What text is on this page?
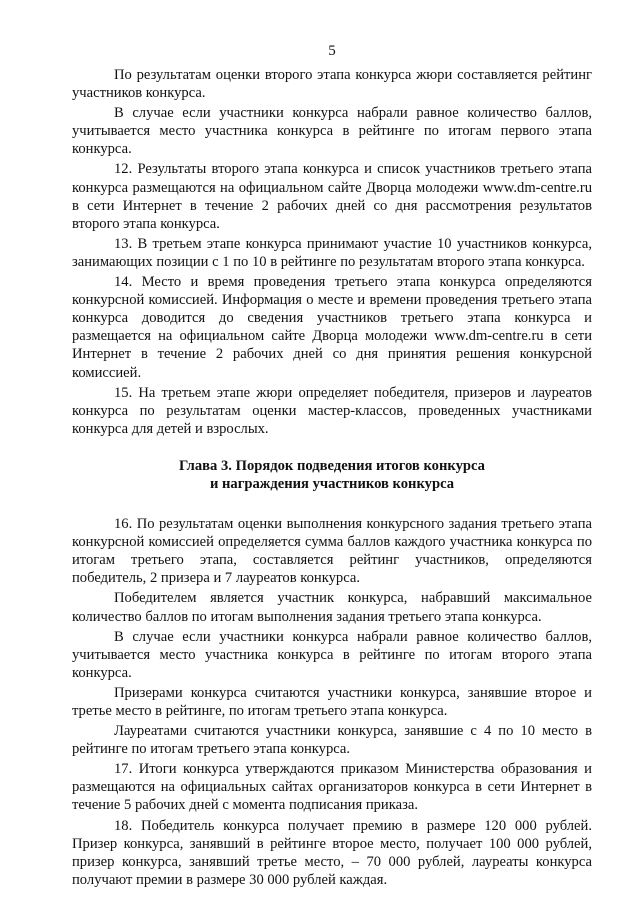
5

По результатам оценки второго этапа конкурса жюри составляется рейтинг участников конкурса.

В случае если участники конкурса набрали равное количество баллов, учитывается место участника конкурса в рейтинге по итогам первого этапа конкурса.

12. Результаты второго этапа конкурса и список участников третьего этапа конкурса размещаются на официальном сайте Дворца молодежи www.dm-centre.ru в сети Интернет в течение 2 рабочих дней со дня рассмотрения результатов второго этапа конкурса.

13. В третьем этапе конкурса принимают участие 10 участников конкурса, занимающих позиции с 1 по 10 в рейтинге по результатам второго этапа конкурса.

14. Место и время проведения третьего этапа конкурса определяются конкурсной комиссией. Информация о месте и времени проведения третьего этапа конкурса доводится до сведения участников третьего этапа конкурса и размещается на официальном сайте Дворца молодежи www.dm-centre.ru в сети Интернет в течение 2 рабочих дней со дня принятия решения конкурсной комиссией.

15. На третьем этапе жюри определяет победителя, призеров и лауреатов конкурса по результатам оценки мастер-классов, проведенных участниками конкурса для детей и взрослых.

Глава 3. Порядок подведения итогов конкурса
и награждения участников конкурса

16. По результатам оценки выполнения конкурсного задания третьего этапа конкурсной комиссией определяется сумма баллов каждого участника конкурса по итогам третьего этапа, составляется рейтинг участников, определяются победитель, 2 призера и 7 лауреатов конкурса.

Победителем является участник конкурса, набравший максимальное количество баллов по итогам выполнения задания третьего этапа конкурса.

В случае если участники конкурса набрали равное количество баллов, учитывается место участника конкурса в рейтинге по итогам второго этапа конкурса.

Призерами конкурса считаются участники конкурса, занявшие второе и третье место в рейтинге, по итогам третьего этапа конкурса.

Лауреатами считаются участники конкурса, занявшие с 4 по 10 место в рейтинге по итогам третьего этапа конкурса.

17. Итоги конкурса утверждаются приказом Министерства образования и размещаются на официальных сайтах организаторов конкурса в сети Интернет в течение 5 рабочих дней с момента подписания приказа.

18. Победитель конкурса получает премию в размере 120 000 рублей. Призер конкурса, занявший в рейтинге второе место, получает 100 000 рублей, призер конкурса, занявший третье место, – 70 000 рублей, лауреаты конкурса получают премии в размере 30 000 рублей каждая.
